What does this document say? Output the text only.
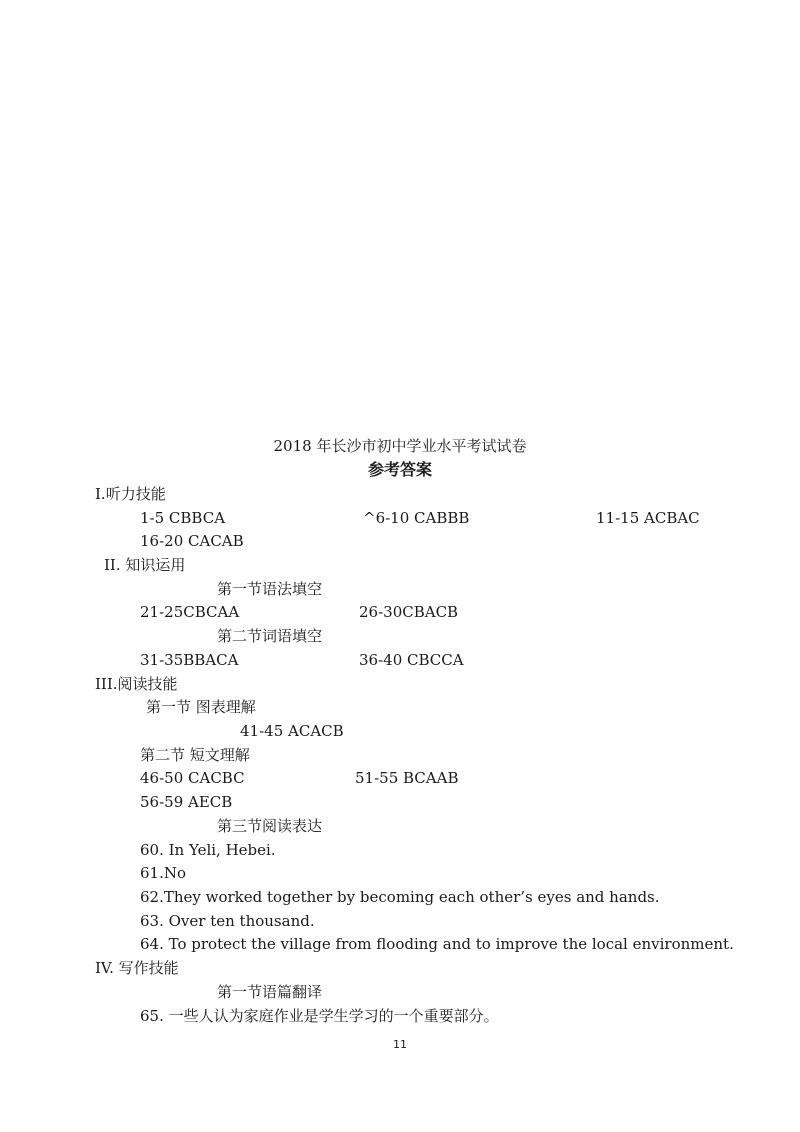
2018 年长沙市初中学业水平考试试卷
参考答案
Ⅰ.听力技能
1-5 CBBCA	^6-10 CABBB	11-15 ACBAC
16-20 CACAB
II. 知识运用
第一节语法填空
21-25CBCAA	26-30CBACB
第二节词语填空
31-35BBACA	36-40 CBCCA
III.阅读技能
第一节 图表理解
41-45 ACACB
第二节 短文理解
46-50 CACBC	51-55 BCAAB
56-59 AECB
第三节阅读表达
60. In Yeli, Hebei.
61.No
62.They worked together by becoming each other’s eyes and hands.
63. Over ten thousand.
64. To protect the village from flooding and to improve the local environment.
IV. 写作技能
第一节语篇翻译
65. 一些人认为家庭作业是学生学习的一个重要部分。
11
